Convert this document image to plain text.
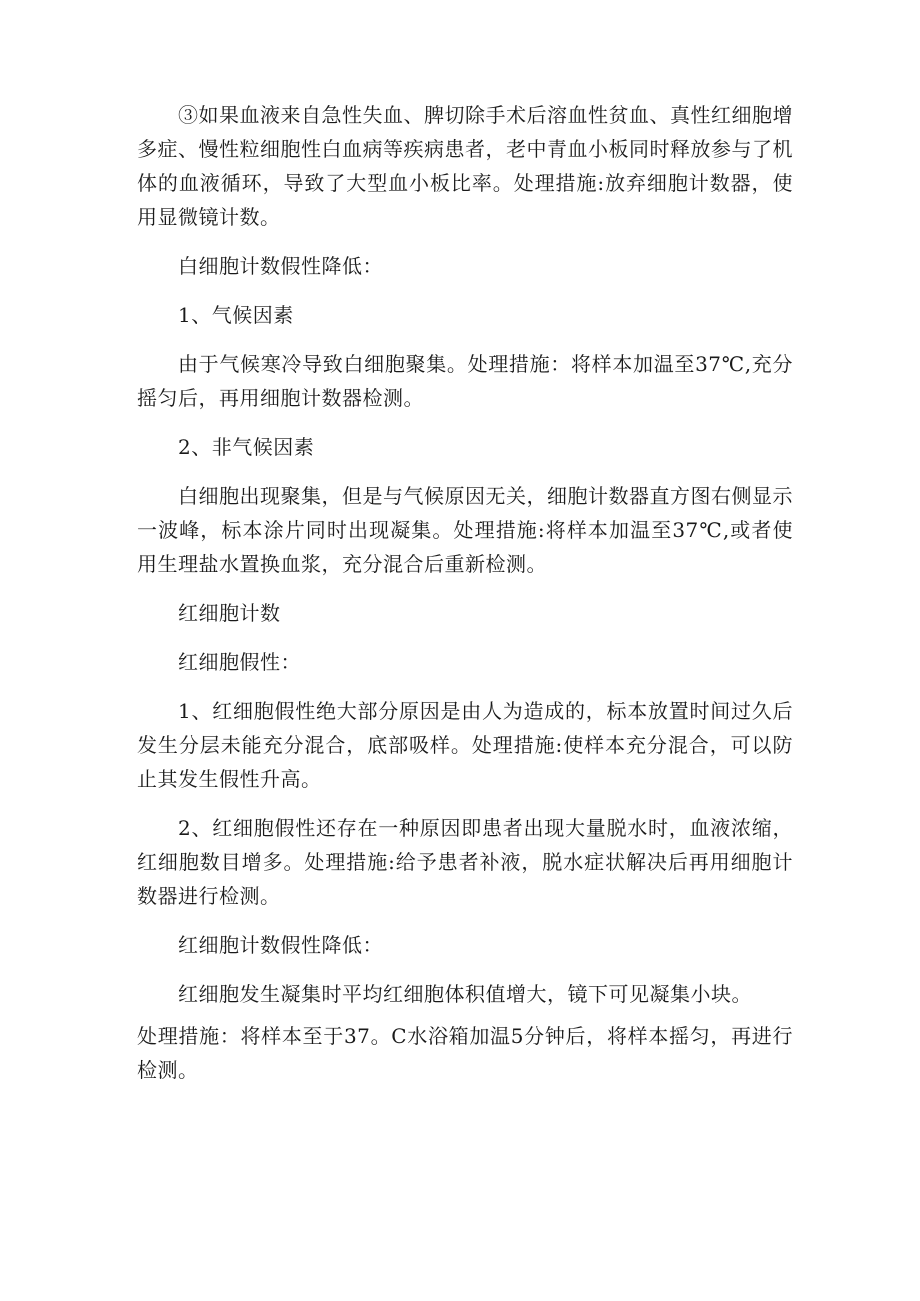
③如果血液来自急性失血、脾切除手术后溶血性贫血、真性红细胞增多症、慢性粒细胞性白血病等疾病患者，老中青血小板同时释放参与了机体的血液循环，导致了大型血小板比率。处理措施:放弃细胞计数器，使用显微镜计数。

白细胞计数假性降低：

1、气候因素

由于气候寒冷导致白细胞聚集。处理措施：将样本加温至37℃,充分摇匀后，再用细胞计数器检测。

2、非气候因素

白细胞出现聚集，但是与气候原因无关，细胞计数器直方图右侧显示一波峰，标本涂片同时出现凝集。处理措施:将样本加温至37℃,或者使用生理盐水置换血浆，充分混合后重新检测。

红细胞计数

红细胞假性：

1、红细胞假性绝大部分原因是由人为造成的，标本放置时间过久后发生分层未能充分混合，底部吸样。处理措施:使样本充分混合，可以防止其发生假性升高。

2、红细胞假性还存在一种原因即患者出现大量脱水时，血液浓缩，红细胞数目增多。处理措施:给予患者补液，脱水症状解决后再用细胞计数器进行检测。

红细胞计数假性降低：

红细胞发生凝集时平均红细胞体积值增大，镜下可见凝集小块。

处理措施：将样本至于37。C水浴箱加温5分钟后，将样本摇匀，再进行检测。
